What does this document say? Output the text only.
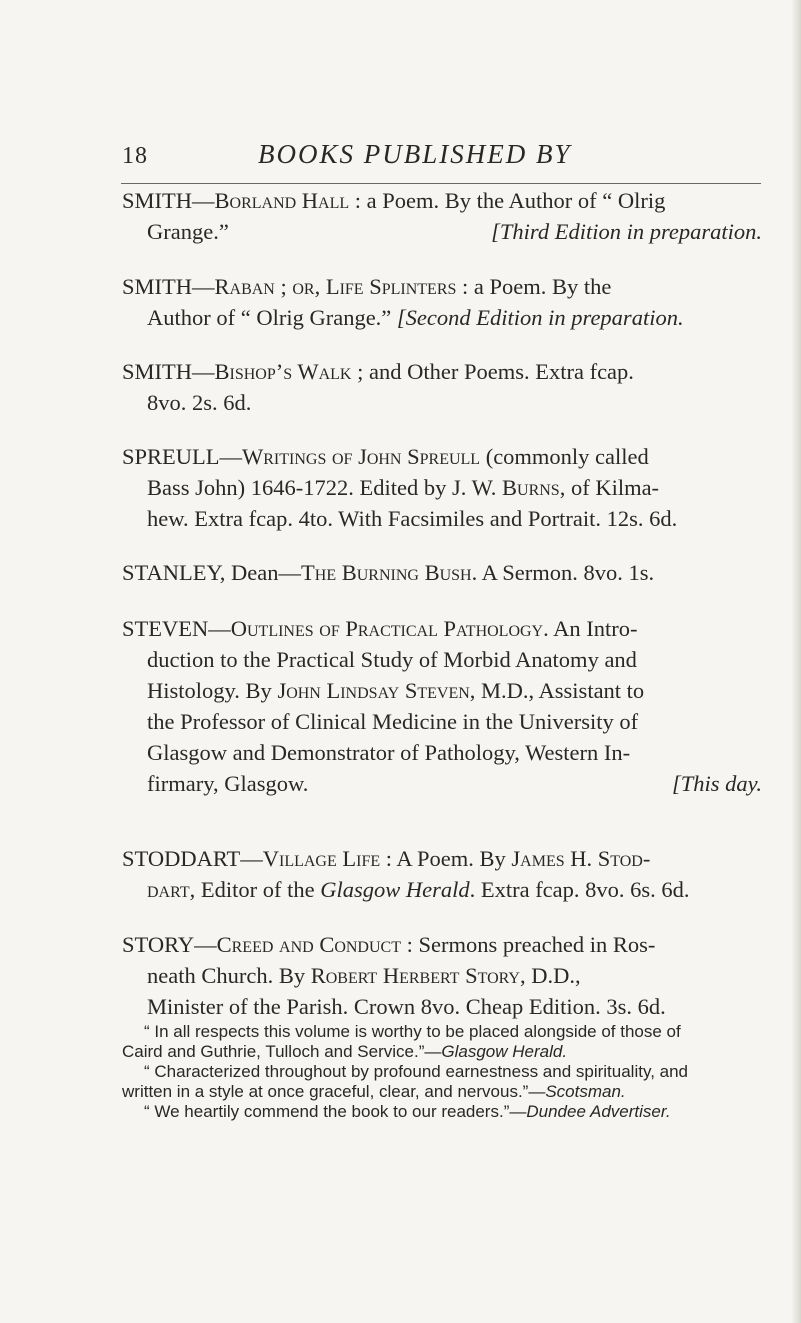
18	BOOKS PUBLISHED BY
SMITH—Borland Hall : a Poem. By the Author of “ Olrig
Grange.”	[Third Edition in preparation.
SMITH—Raban ; or, Life Splinters : a Poem. By the
Author of “ Olrig Grange.” [Second Edition in preparation.
SMITH—Bishop’s Walk ; and Other Poems. Extra fcap.
8vo. 2s. 6d.
SPREULL—Writings of John Spreull (commonly called
Bass John) 1646-1722. Edited by J. W. Burns, of Kilma-
hew. Extra fcap. 4to. With Facsimiles and Portrait. 12s. 6d.
STANLEY, Dean—The Burning Bush. A Sermon. 8vo. 1s.
STEVEN—Outlines of Practical Pathology. An Intro-
duction to the Practical Study of Morbid Anatomy and
Histology. By John Lindsay Steven, M.D., Assistant to
the Professor of Clinical Medicine in the University of
Glasgow and Demonstrator of Pathology, Western In-
firmary, Glasgow.	[This day.
STODDART—Village Life : A Poem. By James H. Stod-
dart, Editor of the Glasgow Herald. Extra fcap. 8vo. 6s. 6d.
STORY—Creed and Conduct : Sermons preached in Ros-
neath Church. By Robert Herbert Story, D.D.,
Minister of the Parish. Crown 8vo. Cheap Edition. 3s. 6d.
“ In all respects this volume is worthy to be placed alongside of those of
Caird and Guthrie, Tulloch and Service.”—Glasgow Herald.
“ Characterized throughout by profound earnestness and spirituality, and
written in a style at once graceful, clear, and nervous.”—Scotsman.
“ We heartily commend the book to our readers.”—Dundee Advertiser.
